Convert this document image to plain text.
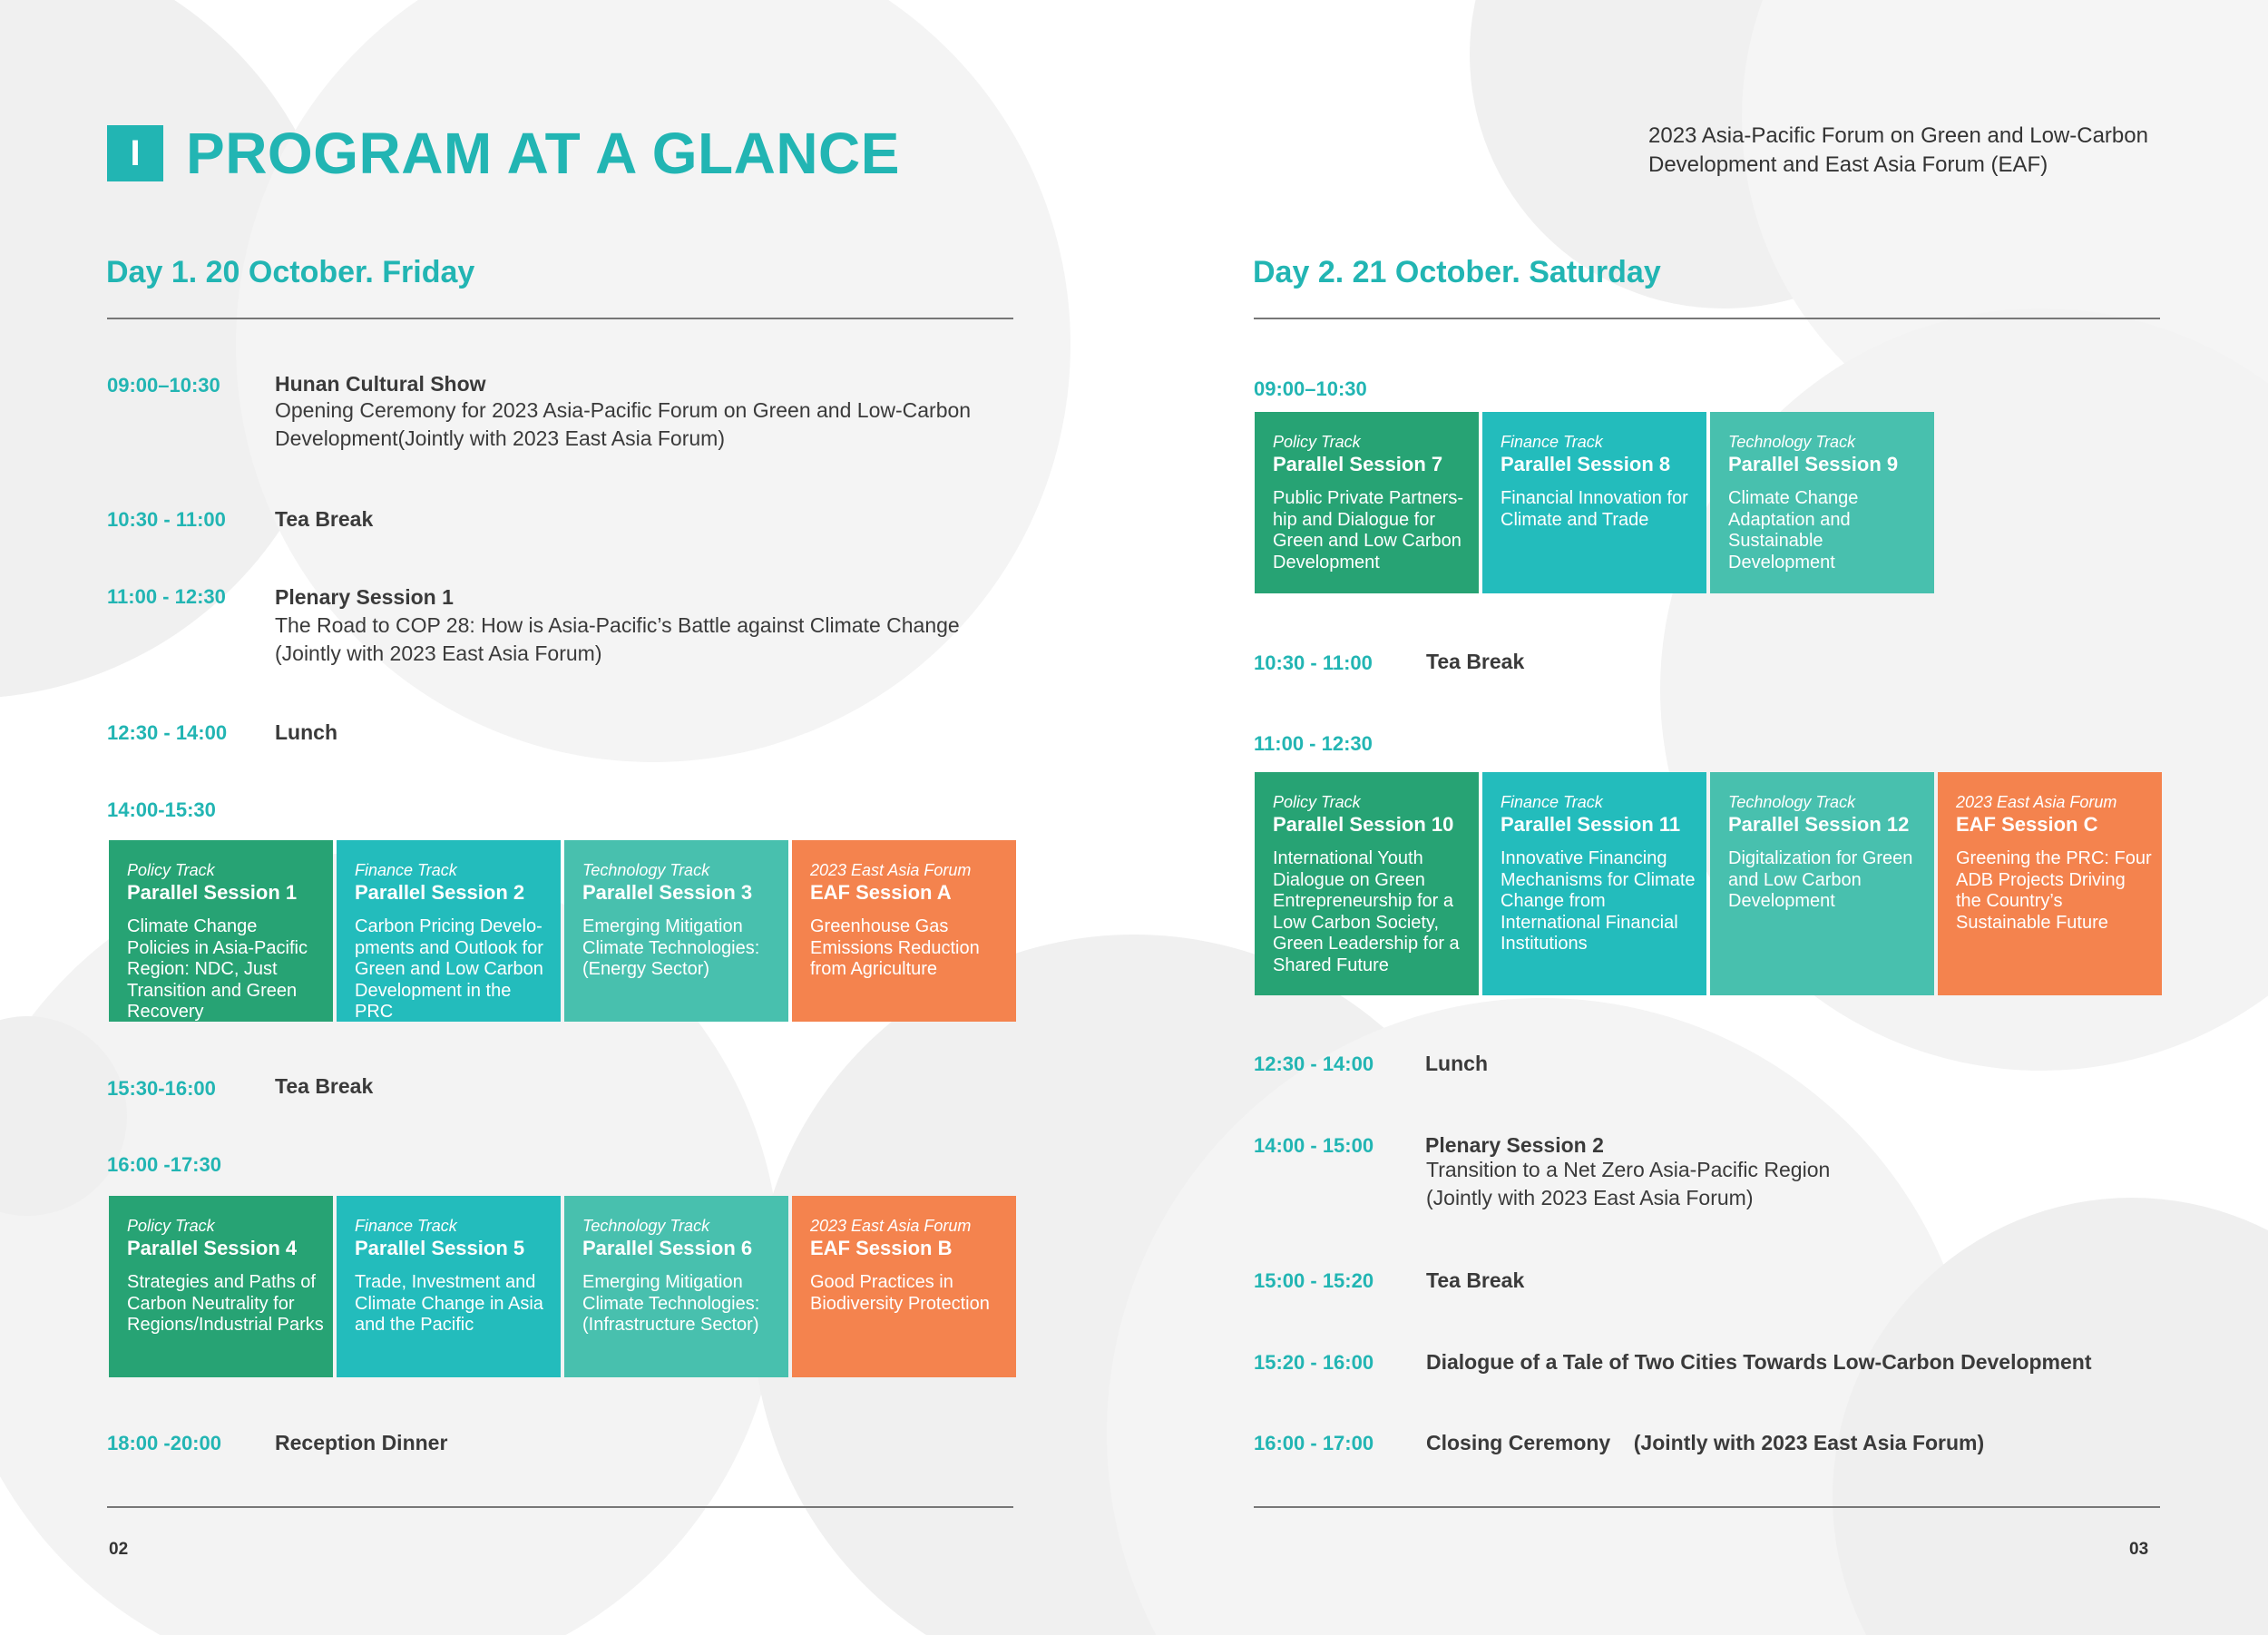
I PROGRAM AT A GLANCE	2023 Asia-Pacific Forum on Green and Low-Carbon
Development and East Asia Forum (EAF)
Day 1. 20 October. Friday
09:00–10:30	Hunan Cultural Show
Opening Ceremony for 2023 Asia-Pacific Forum on Green and Low-Carbon
Development(Jointly with 2023 East Asia Forum)
10:30 - 11:00 Tea Break
11:00 - 12:30 Plenary Session 1
The Road to COP 28: How is Asia-Pacific’s Battle against Climate Change
(Jointly with 2023 East Asia Forum)
12:30 - 14:00 Lunch
14:00-15:30
Policy Track
Parallel Session 1
Climate Change Policies in Asia-Pacific Region: NDC, Just Transition and Green Recovery
Finance Track
Parallel Session 2
Carbon Pricing Develo-pments and Outlook for Green and Low Carbon Development in the PRC
Technology Track
Parallel Session 3
Emerging Mitigation Climate Technologies: (Energy Sector)
2023 East Asia Forum
EAF Session A
Greenhouse Gas Emissions Reduction from Agriculture
15:30-16:00	Tea Break
16:00 -17:30
Policy Track
Parallel Session 4
Strategies and Paths of Carbon Neutrality for Regions/Industrial Parks
Finance Track
Parallel Session 5
Trade, Investment and Climate Change in Asia and the Pacific
Technology Track
Parallel Session 6
Emerging Mitigation Climate Technologies: (Infrastructure Sector)
2023 East Asia Forum
EAF Session B
Good Practices in Biodiversity Protection
18:00 -20:00	Reception Dinner
02
Day 2. 21 October. Saturday
09:00–10:30
Policy Track
Parallel Session 7
Public Private Partners-hip and Dialogue for Green and Low Carbon Development
Finance Track
Parallel Session 8
Financial Innovation for Climate and Trade
Technology Track
Parallel Session 9
Climate Change Adaptation and Sustainable Development
10:30 - 11:00	Tea Break
11:00 - 12:30
Policy Track
Parallel Session 10
International Youth Dialogue on Green Entrepreneurship for a Low Carbon Society, Green Leadership for a Shared Future
Finance Track
Parallel Session 11
Innovative Financing Mechanisms for Climate Change from International Financial Institutions
Technology Track
Parallel Session 12
Digitalization for Green and Low Carbon Development
2023 East Asia Forum
EAF Session C
Greening the PRC: Four ADB Projects Driving the Country’s Sustainable Future
12:30 - 14:00 Lunch
14:00 - 15:00 Plenary Session 2
Transition to a Net Zero Asia-Pacific Region
(Jointly with 2023 East Asia Forum)
15:00 - 15:20	Tea Break
15:20 - 16:00	Dialogue of a Tale of Two Cities Towards Low-Carbon Development
16:00 - 17:00	Closing Ceremony    (Jointly with 2023 East Asia Forum)
03
